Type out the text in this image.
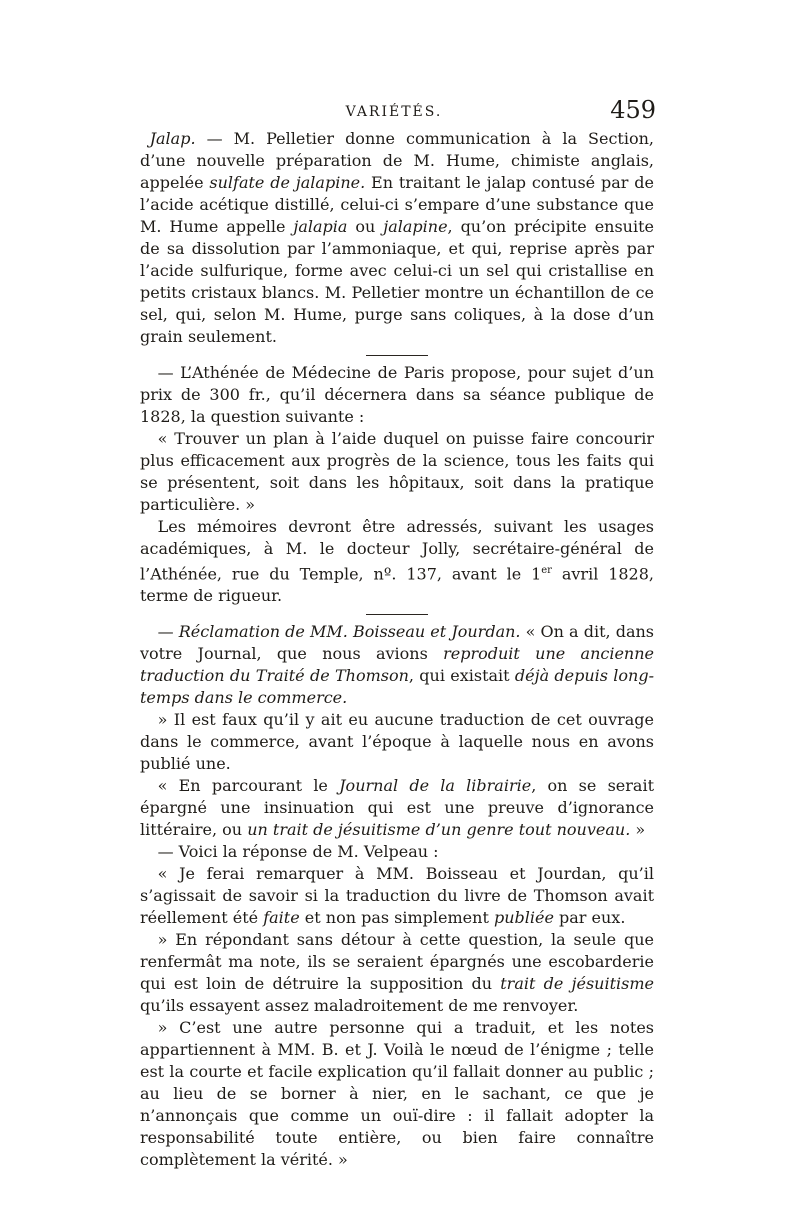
VARIÉTÉS.	459

Jalap. — M. Pelletier donne communication à la Section, d’une nouvelle préparation de M. Hume, chimiste anglais, appelée sulfate de jalapine. En traitant le jalap contusé par de l’acide acétique distillé, celui-ci s’empare d’une substance que M. Hume appelle jalapia ou jalapine, qu’on précipite ensuite de sa dissolution par l’ammoniaque, et qui, reprise après par l’acide sulfurique, forme avec celui-ci un sel qui cristallise en petits cristaux blancs. M. Pelletier montre un échantillon de ce sel, qui, selon M. Hume, purge sans coliques, à la dose d’un grain seulement.

— L’Athénée de Médecine de Paris propose, pour sujet d’un prix de 300 fr., qu’il décernera dans sa séance publique de 1828, la question suivante :

« Trouver un plan à l’aide duquel on puisse faire concourir plus efficacement aux progrès de la science, tous les faits qui se présentent, soit dans les hôpitaux, soit dans la pratique particulière. »

Les mémoires devront être adressés, suivant les usages académiques, à M. le docteur Jolly, secrétaire-général de l’Athénée, rue du Temple, nº. 137, avant le 1er avril 1828, terme de rigueur.

— Réclamation de MM. Boisseau et Jourdan. « On a dit, dans votre Journal, que nous avions reproduit une ancienne traduction du Traité de Thomson, qui existait déjà depuis long-temps dans le commerce.

» Il est faux qu’il y ait eu aucune traduction de cet ouvrage dans le commerce, avant l’époque à laquelle nous en avons publié une.

« En parcourant le Journal de la librairie, on se serait épargné une insinuation qui est une preuve d’ignorance littéraire, ou un trait de jésuitisme d’un genre tout nouveau. »

— Voici la réponse de M. Velpeau :

« Je ferai remarquer à MM. Boisseau et Jourdan, qu’il s’agissait de savoir si la traduction du livre de Thomson avait réellement été faite et non pas simplement publiée par eux.

» En répondant sans détour à cette question, la seule que renfermât ma note, ils se seraient épargnés une escobarderie qui est loin de détruire la supposition du trait de jésuitisme qu’ils essayent assez maladroitement de me renvoyer.

» C’est une autre personne qui a traduit, et les notes appartiennent à MM. B. et J. Voilà le nœud de l’énigme ; telle est la courte et facile explication qu’il fallait donner au public ; au lieu de se borner à nier, en le sachant, ce que je n’annonçais que comme un ouï-dire : il fallait adopter la responsabilité toute entière, ou bien faire connaître complètement la vérité. »
